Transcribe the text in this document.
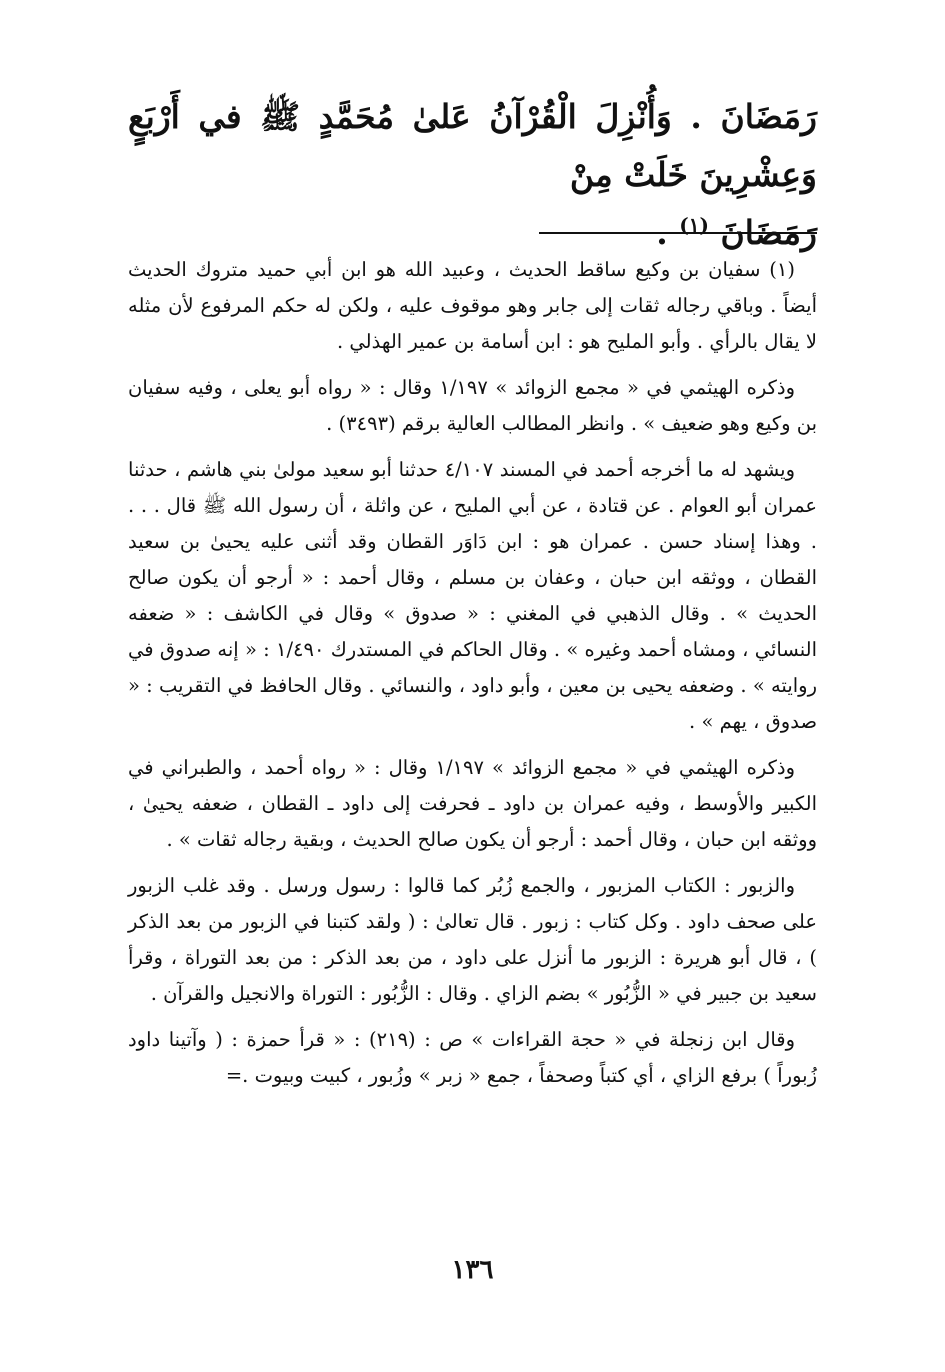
رَمَضَانَ . وَأُنْزِلَ الْقُرْآنُ عَلىٰ مُحَمَّدٍ ﷺ في أَرْبَعٍ وَعِشْرِينَ خَلَتْ مِنْ

رَمَضَانَ $^{(١)}$ .

(١) سفيان بن وكيع ساقط الحديث ، وعبيد الله هو ابن أبي حميد متروك الحديث أيضاً . وباقي رجاله ثقات إلى جابر وهو موقوف عليه ، ولكن له حكم المرفوع لأن مثله لا يقال بالرأي . وأبو المليح هو : ابن أسامة بن عمير الهذلي .

وذكره الهيثمي في « مجمع الزوائد » ١/١٩٧ وقال : « رواه أبو يعلى ، وفيه سفيان بن وكيع وهو ضعيف » . وانظر المطالب العالية برقم (٣٤٩٣) .

ويشهد له ما أخرجه أحمد في المسند ٤/١٠٧ حدثنا أبو سعيد مولىٰ بني هاشم ، حدثنا عمران أبو العوام . عن قتادة ، عن أبي المليح ، عن واثلة ، أن رسول الله ﷺ قال . . . . وهذا إسناد حسن . عمران هو : ابن دَاوَر القطان وقد أثنى عليه يحيىٰ بن سعيد القطان ، ووثقه ابن حبان ، وعفان بن مسلم ، وقال أحمد : « أرجو أن يكون صالح الحديث » . وقال الذهبي في المغني : « صدوق » وقال في الكاشف : « ضعفه النسائي ، ومشاه أحمد وغيره » . وقال الحاكم في المستدرك ١/٤٩٠ : « إنه صدوق في روايته » . وضعفه يحيى بن معين ، وأبو داود ، والنسائي . وقال الحافظ في التقريب : « صدوق ، يهم » .

وذكره الهيثمي في « مجمع الزوائد » ١/١٩٧ وقال : « رواه أحمد ، والطبراني في الكبير والأوسط ، وفيه عمران بن داود ـ فحرفت إلى داود ـ القطان ، ضعفه يحيىٰ ، ووثقه ابن حبان ، وقال أحمد : أرجو أن يكون صالح الحديث ، وبقية رجاله ثقات » .

والزبور : الكتاب المزبور ، والجمع زُبُر كما قالوا : رسول ورسل . وقد غلب الزبور على صحف داود . وكل كتاب : زبور . قال تعالىٰ : ( ولقد كتبنا في الزبور من بعد الذكر ) ، قال أبو هريرة : الزبور ما أنزل على داود ، من بعد الذكر : من بعد التوراة ، وقرأ سعيد بن جبير في « الزُّبُور » بضم الزاي . وقال : الزُّبُور : التوراة والانجيل والقرآن .

وقال ابن زنجلة في « حجة القراءات » ص : (٢١٩) : « قرأ حمزة : ( وآتينا داود زُبوراً ) برفع الزاي ، أي كتباً وصحفاً ، جمع « زبر » وزُبور ، كبيت وبيوت .=

١٣٦
